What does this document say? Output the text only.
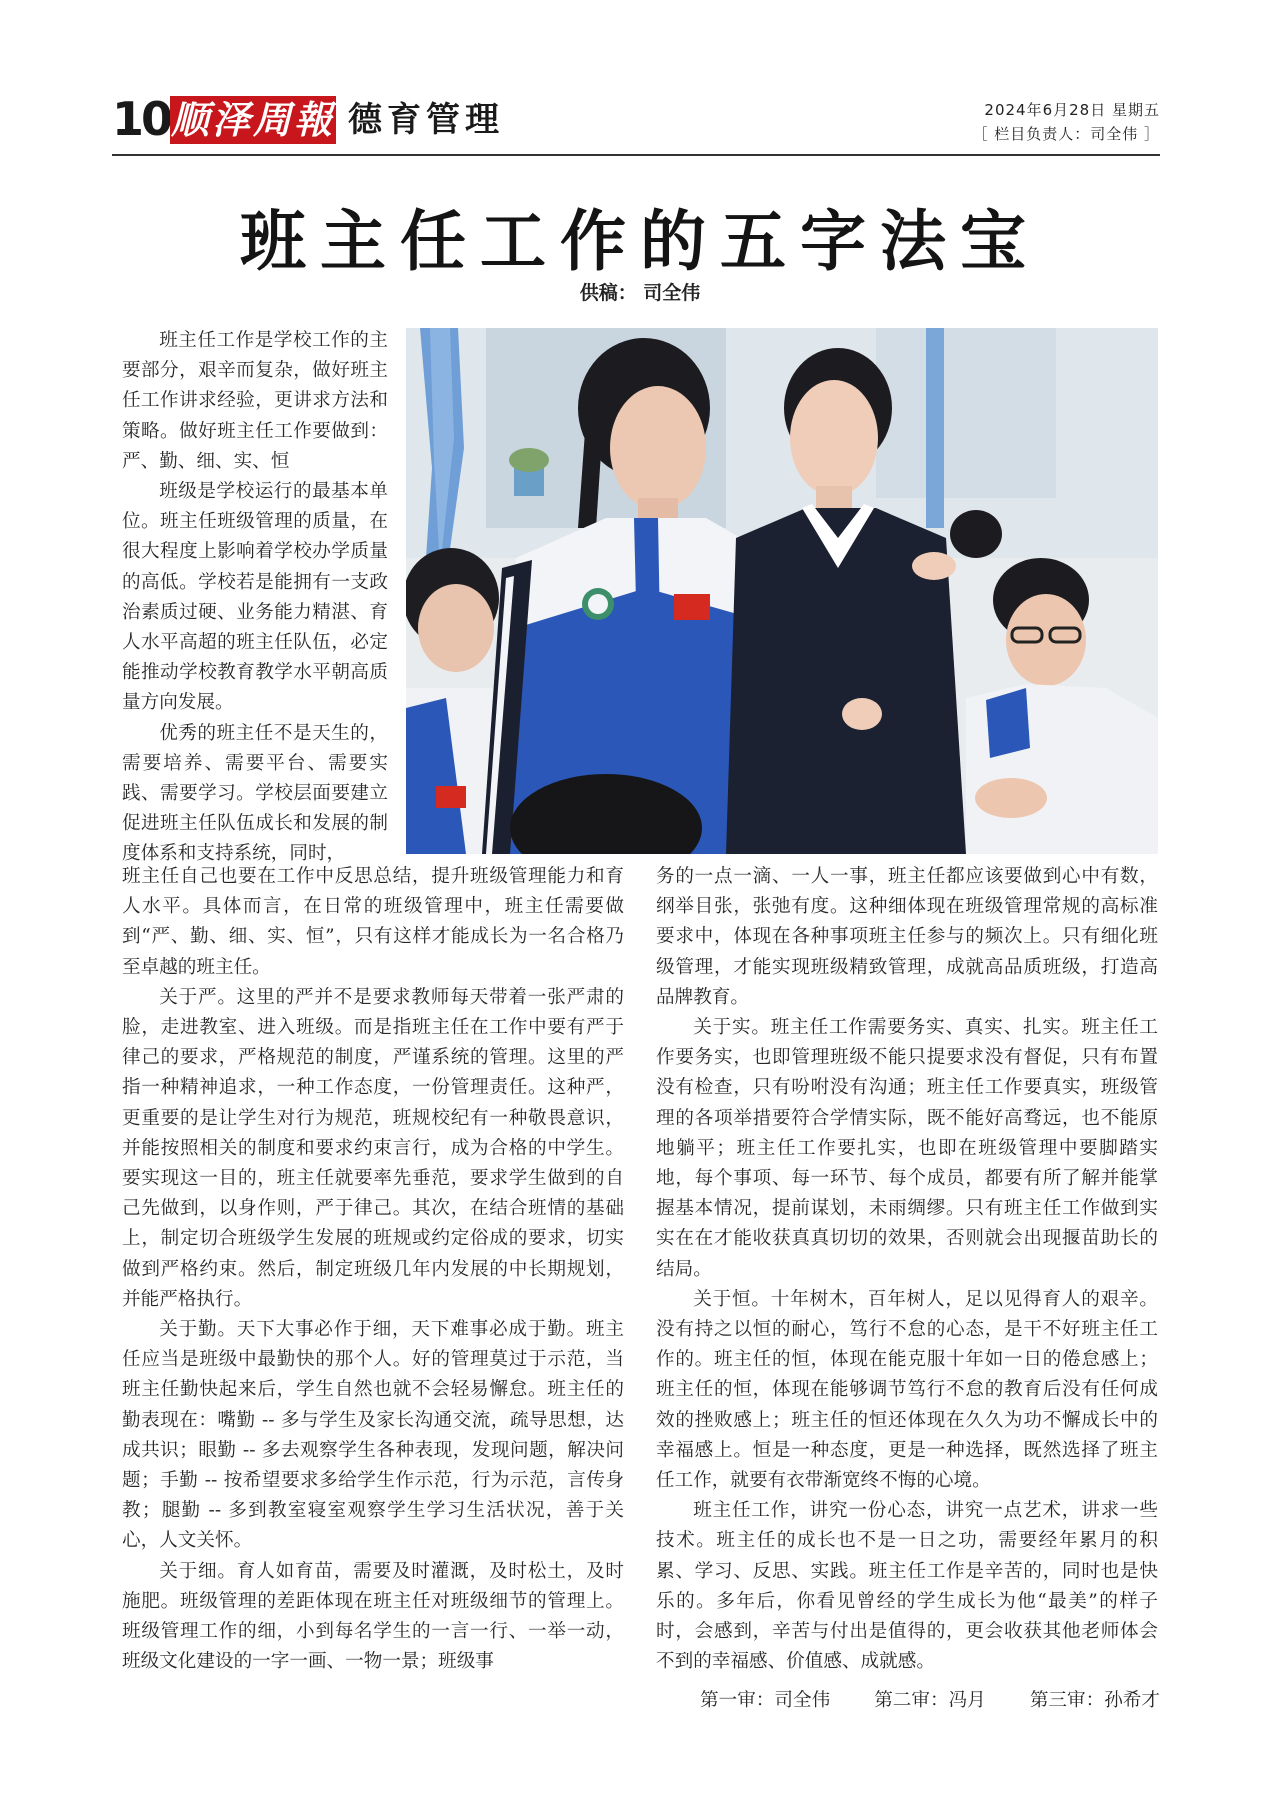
10 顺泽周報 德育管理	2024年6月28日 星期五
［ 栏目负责人：司全伟 ］
班主任工作的五字法宝
供稿： 司全伟

班主任工作是学校工作的主要部分，艰辛而复杂，做好班主任工作讲求经验，更讲求方法和策略。做好班主任工作要做到：严、勤、细、实、恒

班级是学校运行的最基本单位。班主任班级管理的质量，在很大程度上影响着学校办学质量的高低。学校若是能拥有一支政治素质过硬、业务能力精湛、育人水平高超的班主任队伍，必定能推动学校教育教学水平朝高质量方向发展。

优秀的班主任不是天生的，需要培养、需要平台、需要实践、需要学习。学校层面要建立促进班主任队伍成长和发展的制度体系和支持系统，同时，

班主任自己也要在工作中反思总结，提升班级管理能力和育人水平。具体而言，在日常的班级管理中，班主任需要做到“严、勤、细、实、恒”，只有这样才能成长为一名合格乃至卓越的班主任。

关于严。这里的严并不是要求教师每天带着一张严肃的脸，走进教室、进入班级。而是指班主任在工作中要有严于律己的要求，严格规范的制度，严谨系统的管理。这里的严指一种精神追求，一种工作态度，一份管理责任。这种严，更重要的是让学生对行为规范，班规校纪有一种敬畏意识，并能按照相关的制度和要求约束言行，成为合格的中学生。要实现这一目的，班主任就要率先垂范，要求学生做到的自己先做到，以身作则，严于律己。其次，在结合班情的基础上，制定切合班级学生发展的班规或约定俗成的要求，切实做到严格约束。然后，制定班级几年内发展的中长期规划，并能严格执行。

关于勤。天下大事必作于细，天下难事必成于勤。班主任应当是班级中最勤快的那个人。好的管理莫过于示范，当班主任勤快起来后，学生自然也就不会轻易懈怠。班主任的勤表现在：嘴勤 -- 多与学生及家长沟通交流，疏导思想，达成共识；眼勤 -- 多去观察学生各种表现，发现问题，解决问题；手勤 -- 按希望要求多给学生作示范，行为示范，言传身教；腿勤 -- 多到教室寝室观察学生学习生活状况，善于关心，人文关怀。

关于细。育人如育苗，需要及时灌溉，及时松土，及时施肥。班级管理的差距体现在班主任对班级细节的管理上。班级管理工作的细，小到每名学生的一言一行、一举一动，班级文化建设的一字一画、一物一景；班级事

务的一点一滴、一人一事，班主任都应该要做到心中有数，纲举目张，张弛有度。这种细体现在班级管理常规的高标准要求中，体现在各种事项班主任参与的频次上。只有细化班级管理，才能实现班级精致管理，成就高品质班级，打造高品牌教育。

关于实。班主任工作需要务实、真实、扎实。班主任工作要务实，也即管理班级不能只提要求没有督促，只有布置没有检查，只有吩咐没有沟通；班主任工作要真实，班级管理的各项举措要符合学情实际，既不能好高骛远，也不能原地躺平；班主任工作要扎实，也即在班级管理中要脚踏实地，每个事项、每一环节、每个成员，都要有所了解并能掌握基本情况，提前谋划，未雨绸缪。只有班主任工作做到实实在在才能收获真真切切的效果，否则就会出现揠苗助长的结局。

关于恒。十年树木，百年树人，足以见得育人的艰辛。没有持之以恒的耐心，笃行不怠的心态，是干不好班主任工作的。班主任的恒，体现在能克服十年如一日的倦怠感上；班主任的恒，体现在能够调节笃行不怠的教育后没有任何成效的挫败感上；班主任的恒还体现在久久为功不懈成长中的幸福感上。恒是一种态度，更是一种选择，既然选择了班主任工作，就要有衣带渐宽终不悔的心境。

班主任工作，讲究一份心态，讲究一点艺术，讲求一些技术。班主任的成长也不是一日之功，需要经年累月的积累、学习、反思、实践。班主任工作是辛苦的，同时也是快乐的。多年后，你看见曾经的学生成长为他“最美”的样子时，会感到，辛苦与付出是值得的，更会收获其他老师体会不到的幸福感、价值感、成就感。

第一审：司全伟 第二审：冯月 第三审：孙希才
